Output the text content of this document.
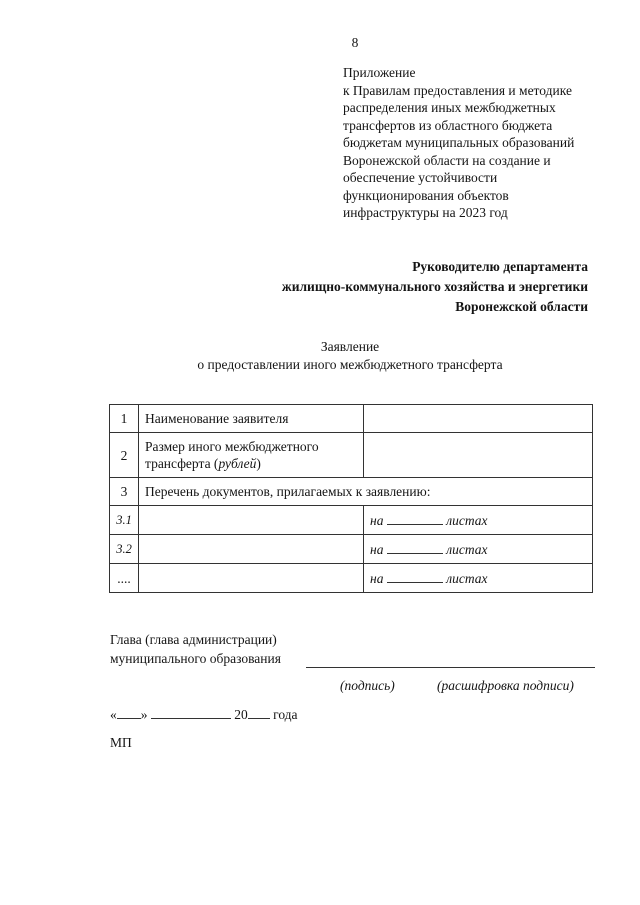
8
Приложение
к Правилам предоставления и методике
распределения иных межбюджетных
трансфертов из областного бюджета
бюджетам муниципальных образований
Воронежской области на создание и
обеспечение устойчивости
функционирования объектов
инфраструктуры на 2023 год
Руководителю департамента
жилищно-коммунального хозяйства и энергетики
Воронежской области
Заявление
о предоставлении иного межбюджетного трансферта
1	Наименование заявителя	
2	Размер иного межбюджетного
трансферта (рублей)	
3	Перечень документов, прилагаемых к заявлению:	
3.1		на листах
3.2		на листах
....		на листах
Глава (глава администрации)
муниципального образования
(подпись)	(расшифровка подписи)
« »	20 года
МП
